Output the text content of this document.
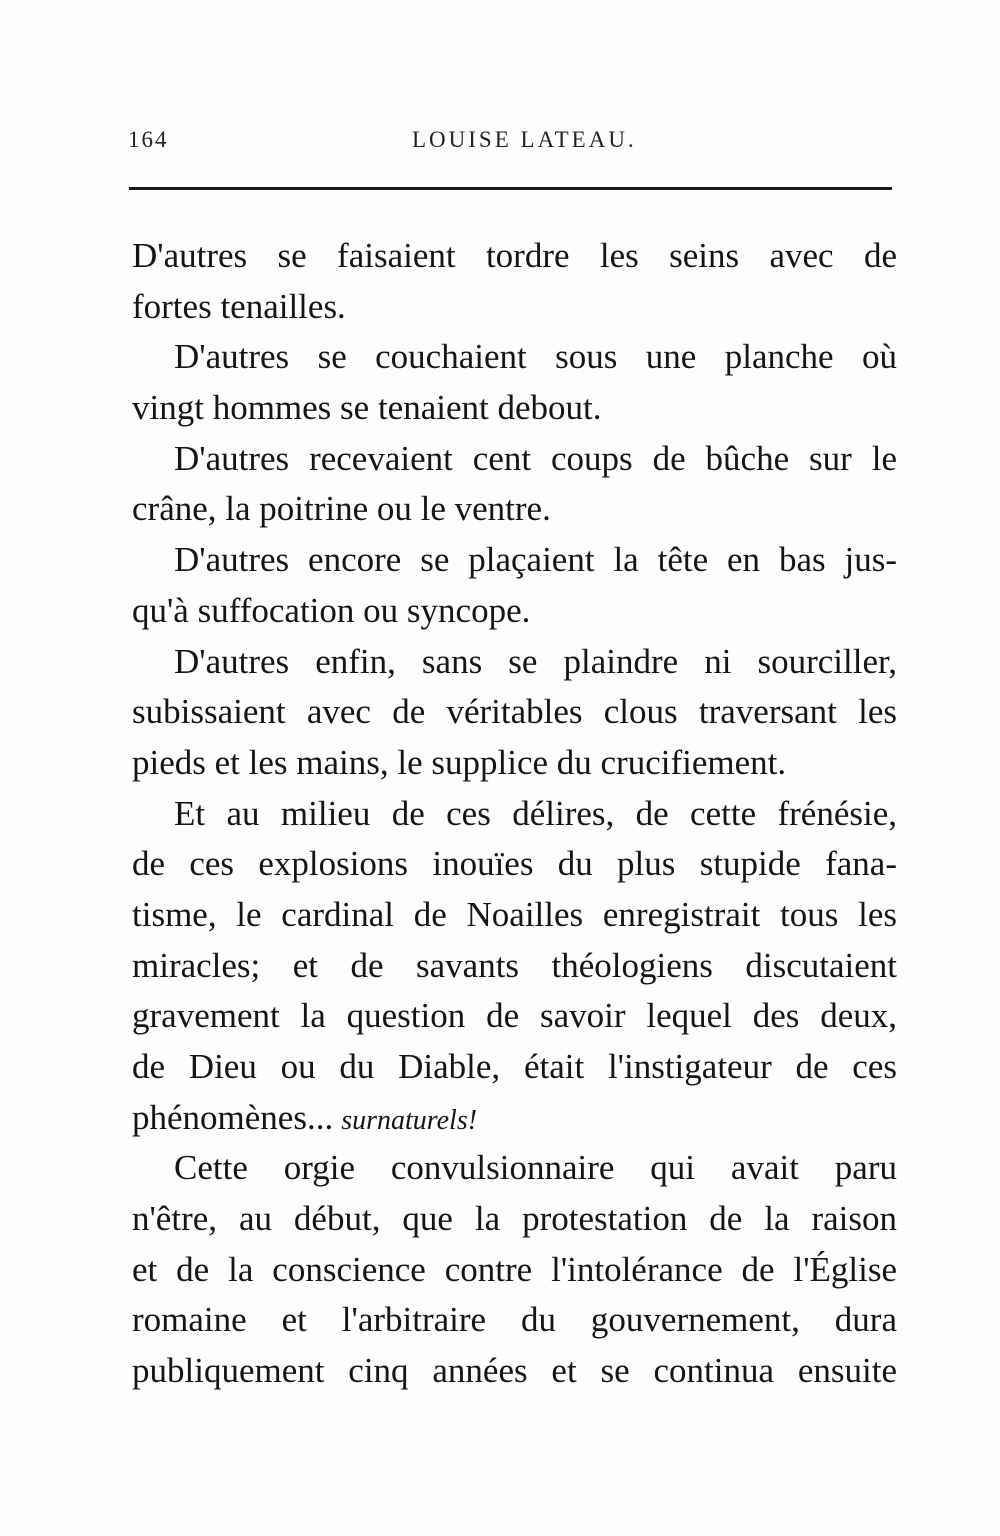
164	LOUISE LATEAU.
D'autres se faisaient tordre les seins avec de
fortes tenailles.
D'autres se couchaient sous une planche où
vingt hommes se tenaient debout.
D'autres recevaient cent coups de bûche sur le
crâne, la poitrine ou le ventre.
D'autres encore se plaçaient la tête en bas jus-
qu'à suffocation ou syncope.
D'autres enfin, sans se plaindre ni sourciller,
subissaient avec de véritables clous traversant les
pieds et les mains, le supplice du crucifiement.
Et au milieu de ces délires, de cette frénésie,
de ces explosions inouïes du plus stupide fana-
tisme, le cardinal de Noailles enregistrait tous les
miracles; et de savants théologiens discutaient
gravement la question de savoir lequel des deux,
de Dieu ou du Diable, était l'instigateur de ces
phénomènes... surnaturels!
Cette orgie convulsionnaire qui avait paru
n'être, au début, que la protestation de la raison
et de la conscience contre l'intolérance de l'Église
romaine et l'arbitraire du gouvernement, dura
publiquement cinq années et se continua ensuite
